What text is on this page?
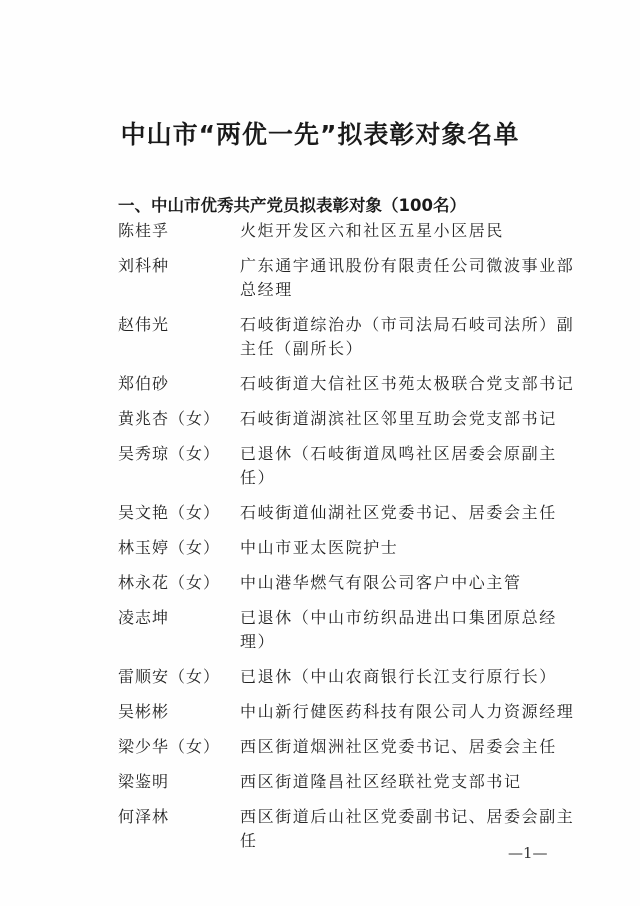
中山市“两优一先”拟表彰对象名单
一、中山市优秀共产党员拟表彰对象（100名）
陈桂孚	火炬开发区六和社区五星小区居民
刘科种	广东通宇通讯股份有限责任公司微波事业部总经理
赵伟光	石岐街道综治办（市司法局石岐司法所）副主任（副所长）
郑伯砂	石岐街道大信社区书苑太极联合党支部书记
黄兆杏（女）	石岐街道湖滨社区邻里互助会党支部书记
吴秀琼（女）	已退休（石岐街道凤鸣社区居委会原副主任）
吴文艳（女）	石岐街道仙湖社区党委书记、居委会主任
林玉婷（女）	中山市亚太医院护士
林永花（女）	中山港华燃气有限公司客户中心主管
凌志坤	已退休（中山市纺织品进出口集团原总经理）
雷顺安（女）	已退休（中山农商银行长江支行原行长）
吴彬彬	中山新行健医药科技有限公司人力资源经理
梁少华（女）	西区街道烟洲社区党委书记、居委会主任
梁鉴明	西区街道隆昌社区经联社党支部书记
何泽林	西区街道后山社区党委副书记、居委会副主任
—1—
